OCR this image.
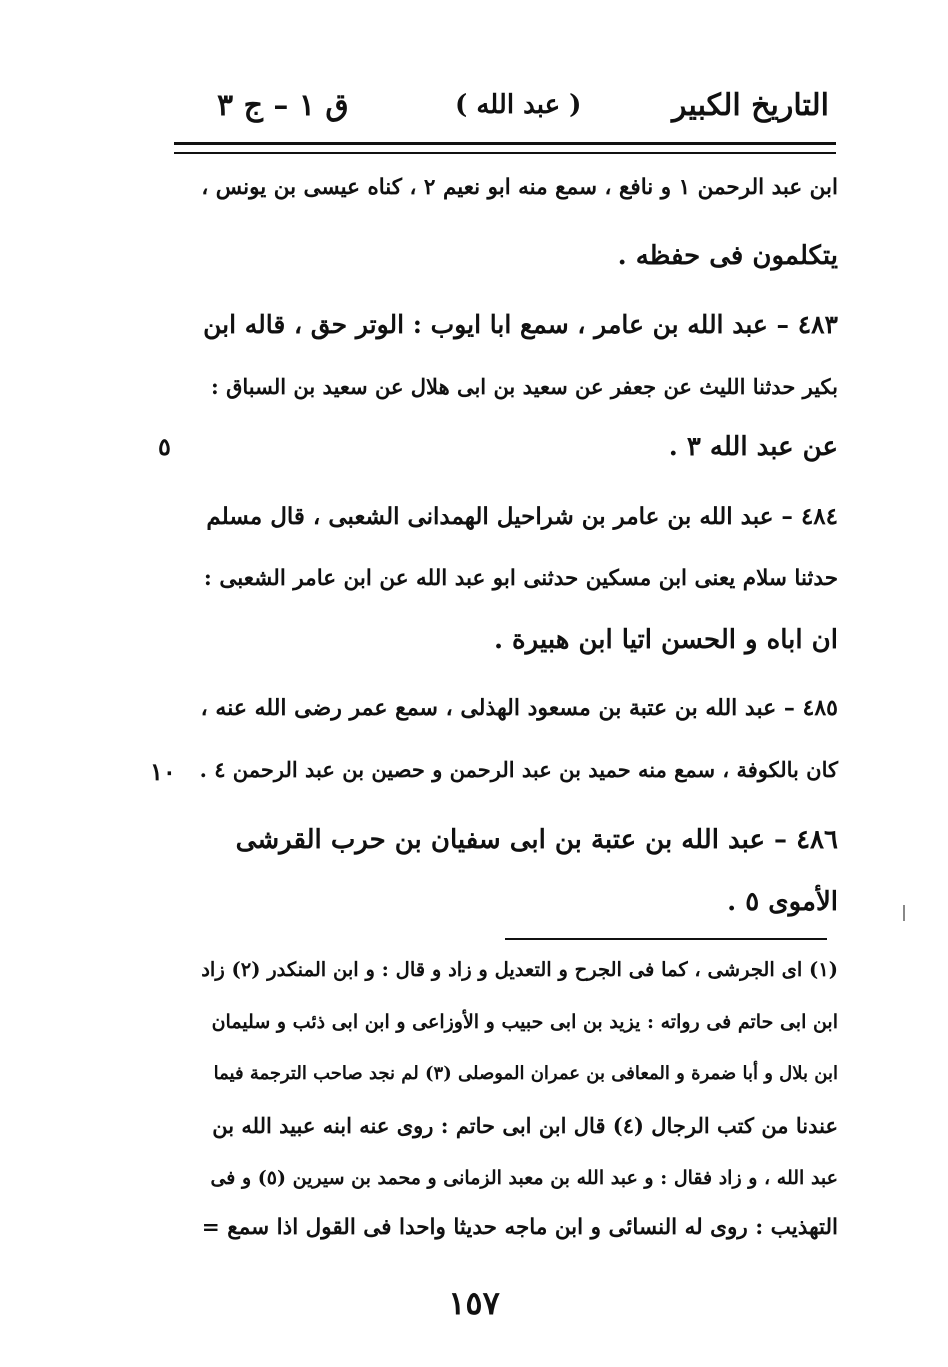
التاريخ الكبير
( عبد الله )
ق ١ – ج ٣
ابن عبد الرحمن ١ و نافع ، سمع منه ابو نعيم ٢ ، كناه عيسى بن يونس ،
يتكلمون فى حفظه .
٤٨٣ – عبد الله بن عامر ، سمع ابا ايوب : الوتر حق ، قاله ابن
بكير حدثنا الليث عن جعفر عن سعيد بن ابى هلال عن سعيد بن السباق :
عن عبد الله ٣ .
٤٨٤ – عبد الله بن عامر بن شراحيل الهمدانى الشعبى ، قال مسلم
حدثنا سلام يعنى ابن مسكين حدثنى ابو عبد الله عن ابن عامر الشعبى :
ان اباه و الحسن اتيا ابن هبيرة .
٤٨٥ – عبد الله بن عتبة بن مسعود الهذلى ، سمع عمر رضى الله عنه ،
كان بالكوفة ، سمع منه حميد بن عبد الرحمن و حصين بن عبد الرحمن ٤ .
٤٨٦ – عبد الله بن عتبة بن ابى سفيان بن حرب القرشى
الأموى ٥ .
٥
١٠
(١) اى الجرشى ، كما فى الجرح و التعديل و زاد و قال : و ابن المنكدر (٢) زاد
ابن ابى حاتم فى رواته : يزيد بن ابى حبيب و الأوزاعى و ابن ابى ذئب و سليمان
ابن بلال و أبا ضمرة و المعافى بن عمران الموصلى (٣) لم نجد صاحب الترجمة فيما
عندنا من كتب الرجال (٤) قال ابن ابى حاتم : روى عنه ابنه عبيد الله بن
عبد الله ، و زاد فقال : و عبد الله بن معبد الزمانى و محمد بن سيرين (٥) و فى
التهذيب : روى له النسائى و ابن ماجه حديثا واحدا فى القول اذا سمع =
١٥٧
